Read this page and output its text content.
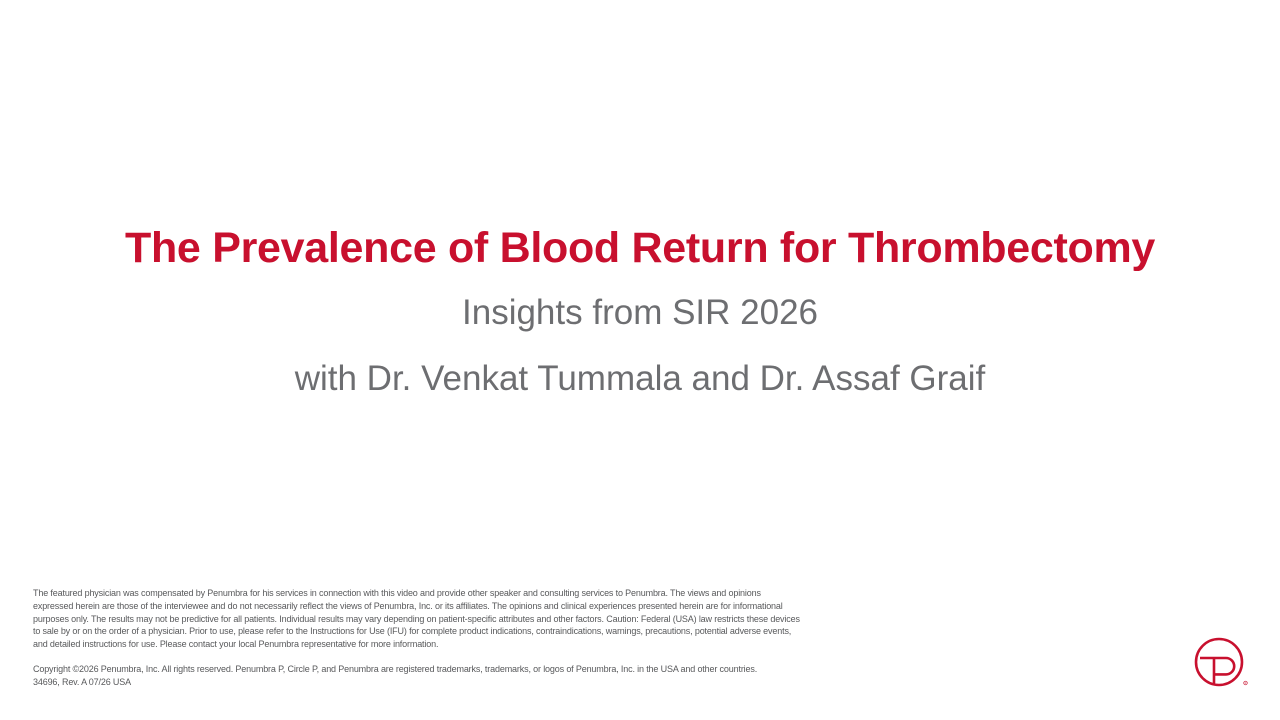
The Prevalence of Blood Return for Thrombectomy
Insights from SIR 2026
with Dr. Venkat Tummala and Dr. Assaf Graif

The featured physician was compensated by Penumbra for his services in connection with this video and provide other speaker and consulting services to Penumbra. The views and opinions expressed herein are those of the interviewee and do not necessarily reflect the views of Penumbra, Inc. or its affiliates. The opinions and clinical experiences presented herein are for informational purposes only. The results may not be predictive for all patients. Individual results may vary depending on patient-specific attributes and other factors. Caution: Federal (USA) law restricts these devices to sale by or on the order of a physician. Prior to use, please refer to the Instructions for Use (IFU) for complete product indications, contraindications, warnings, precautions, potential adverse events, and detailed instructions for use. Please contact your local Penumbra representative for more information.

Copyright ©2026 Penumbra, Inc. All rights reserved. Penumbra P, Circle P, and Penumbra are registered trademarks, trademarks, or logos of Penumbra, Inc. in the USA and other countries.

34696, Rev. A 07/26 USA	R
